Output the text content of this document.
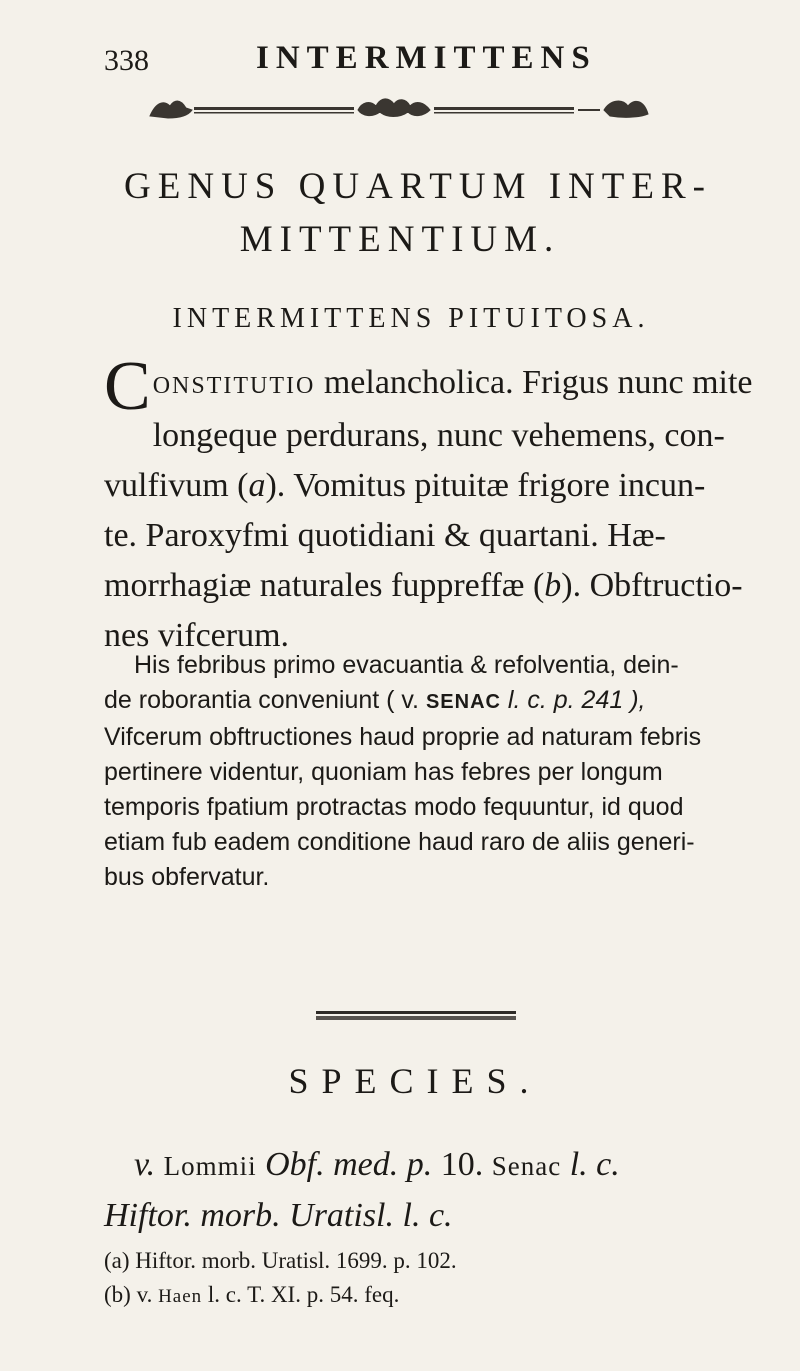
338	INTERMITTENS
GENUS QUARTUM INTER-
MITTENTIUM.
INTERMITTENS PITUITOSA.

CONSTITUTIO melancholica. Frigus nunc mite
longeque perdurans, nunc vehemens, con-
vulfivum (a). Vomitus pituitæ frigore incun-
te. Paroxyfmi quotidiani & quartani. Hæ-
morrhagiæ naturales fuppreffæ (b). Obftructio-
nes vifcerum.

His febribus primo evacuantia & refolventia, dein-
de roborantia conveniunt ( v. SENAC l. c. p. 241 ),
Vifcerum obftructiones haud proprie ad naturam febris
pertinere videntur, quoniam has febres per longum
temporis fpatium protractas modo fequuntur, id quod
etiam fub eadem conditione haud raro de aliis generi-
bus obfervatur.

SPECIES.
v. Lommii Obf. med. p. 10. Senac l. c.
Hiftor. morb. Uratisl. l. c.
(a) Hiftor. morb. Uratisl. 1699. p. 102.
(b) v. Haen l. c. T. XI. p. 54. feq.
